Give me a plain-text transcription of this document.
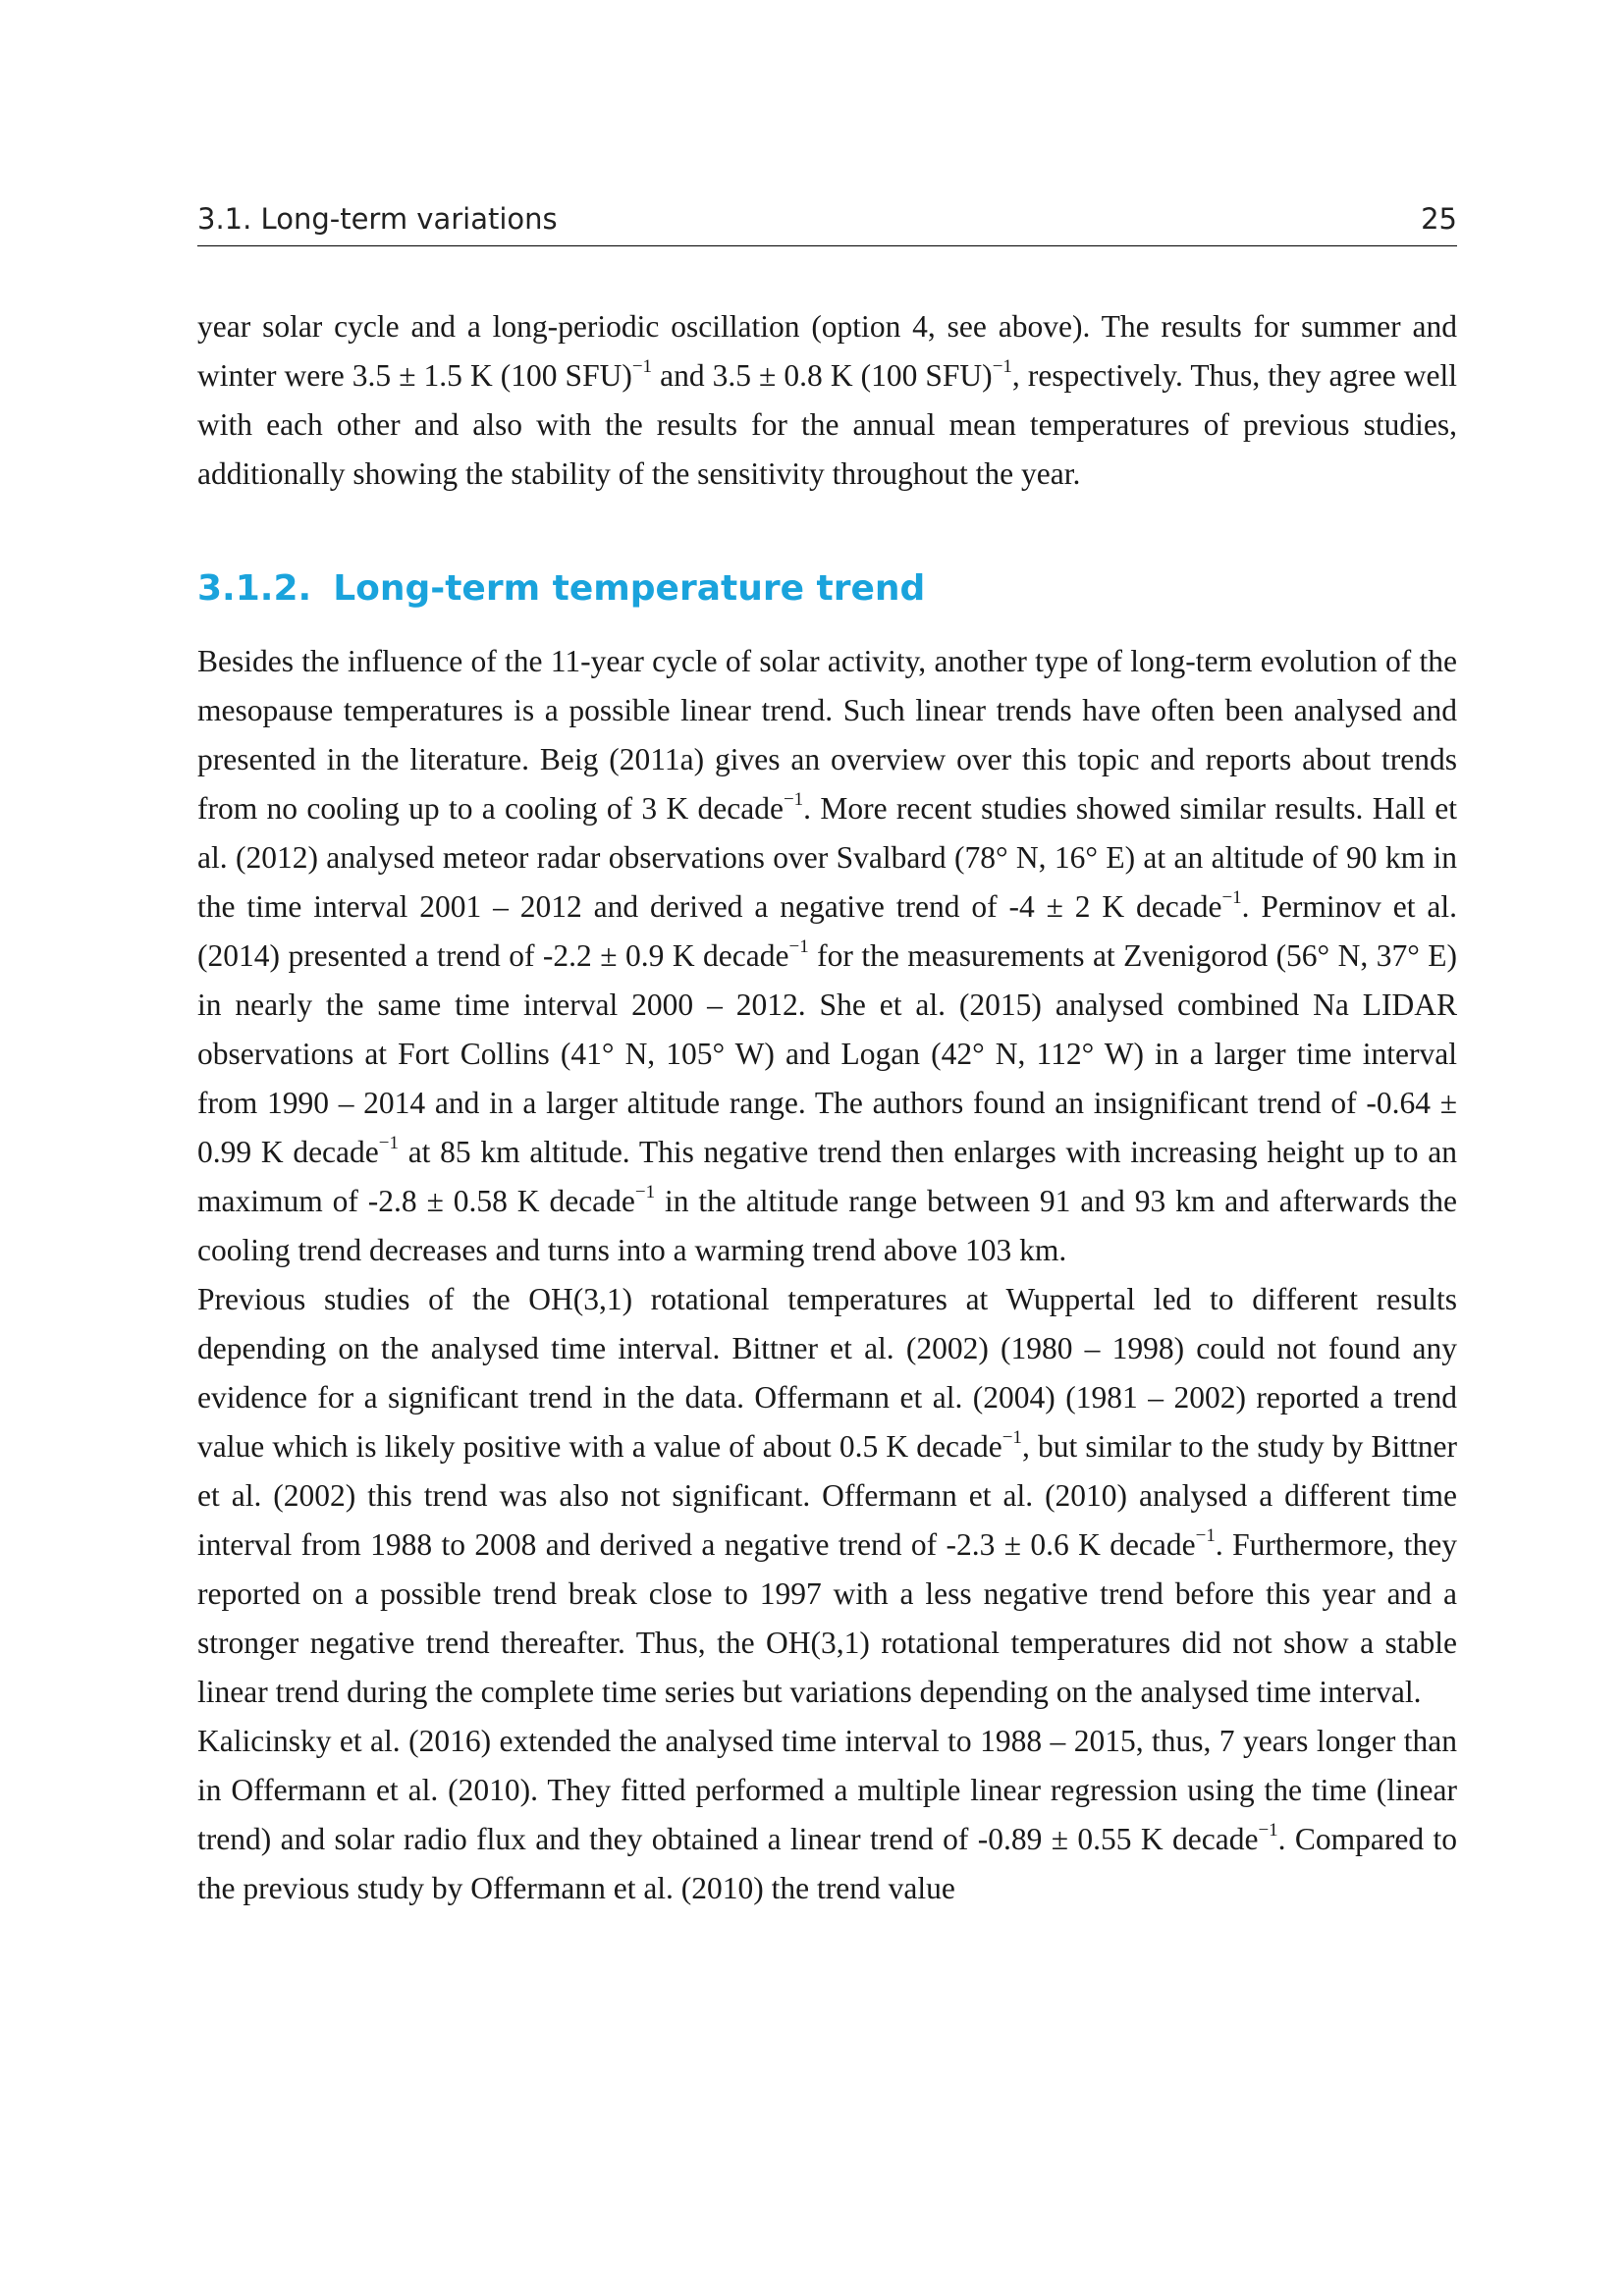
3.1. Long-term variations	25

year solar cycle and a long-periodic oscillation (option 4, see above). The results for summer and winter were 3.5 ± 1.5 K (100 SFU)$^{-1}$ and 3.5 ± 0.8 K (100 SFU)$^{-1}$, respectively. Thus, they agree well with each other and also with the results for the annual mean temperatures of previous studies, additionally showing the stability of the sensitivity throughout the year.

3.1.2. Long-term temperature trend

Besides the influence of the 11-year cycle of solar activity, another type of long-term evolution of the mesopause temperatures is a possible linear trend. Such linear trends have often been analysed and presented in the literature. Beig (2011a) gives an overview over this topic and reports about trends from no cooling up to a cooling of 3 K decade$^{-1}$. More recent studies showed similar results. Hall et al. (2012) analysed meteor radar observations over Svalbard (78° N, 16° E) at an altitude of 90 km in the time interval 2001 – 2012 and derived a negative trend of -4 ± 2 K decade$^{-1}$. Perminov et al. (2014) presented a trend of -2.2 ± 0.9 K decade$^{-1}$ for the measurements at Zvenigorod (56° N, 37° E) in nearly the same time interval 2000 – 2012. She et al. (2015) analysed combined Na LIDAR observations at Fort Collins (41° N, 105° W) and Logan (42° N, 112° W) in a larger time interval from 1990 – 2014 and in a larger altitude range. The authors found an insignificant trend of -0.64 ± 0.99 K decade$^{-1}$ at 85 km altitude. This negative trend then enlarges with increasing height up to an maximum of -2.8 ± 0.58 K decade$^{-1}$ in the altitude range between 91 and 93 km and afterwards the cooling trend decreases and turns into a warming trend above 103 km.

Previous studies of the OH(3,1) rotational temperatures at Wuppertal led to different results depending on the analysed time interval. Bittner et al. (2002) (1980 – 1998) could not found any evidence for a significant trend in the data. Offermann et al. (2004) (1981 – 2002) reported a trend value which is likely positive with a value of about 0.5 K decade$^{-1}$, but similar to the study by Bittner et al. (2002) this trend was also not significant. Offermann et al. (2010) analysed a different time interval from 1988 to 2008 and derived a negative trend of -2.3 ± 0.6 K decade$^{-1}$. Furthermore, they reported on a possible trend break close to 1997 with a less negative trend before this year and a stronger negative trend thereafter. Thus, the OH(3,1) rotational temperatures did not show a stable linear trend during the complete time series but variations depending on the analysed time interval.

Kalicinsky et al. (2016) extended the analysed time interval to 1988 – 2015, thus, 7 years longer than in Offermann et al. (2010). They fitted performed a multiple linear regression using the time (linear trend) and solar radio flux and they obtained a linear trend of -0.89 ± 0.55 K decade$^{-1}$. Compared to the previous study by Offermann et al. (2010) the trend value
